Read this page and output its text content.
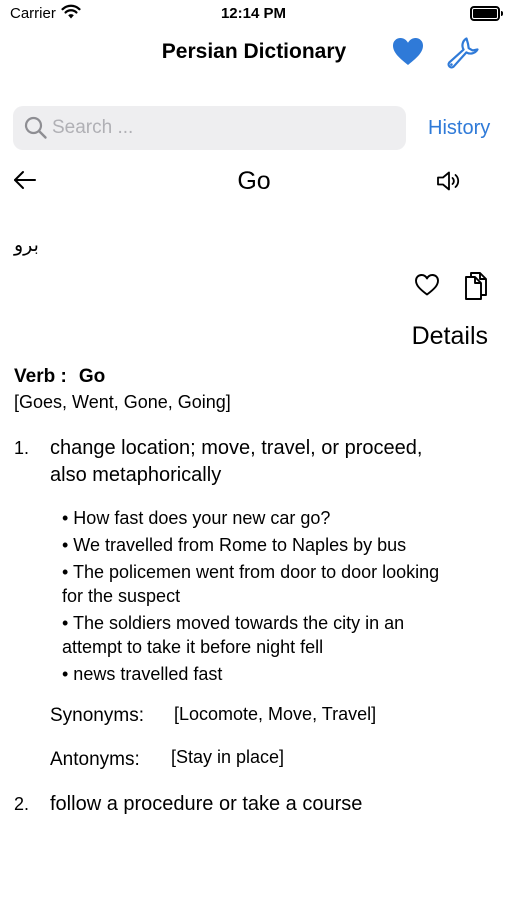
Carrier	12:14 PM
Persian Dictionary
Search ...
History
Go
برو
Details
Verb : Go
[Goes, Went, Gone, Going]
1. change location; move, travel, or proceed,
also metaphorically
• How fast does your new car go?
• We travelled from Rome to Naples by bus
• The policemen went from door to door looking
for the suspect
• The soldiers moved towards the city in an
attempt to take it before night fell
• news travelled fast
Synonyms: [Locomote, Move, Travel]
Antonyms: [Stay in place]
2. follow a procedure or take a course
